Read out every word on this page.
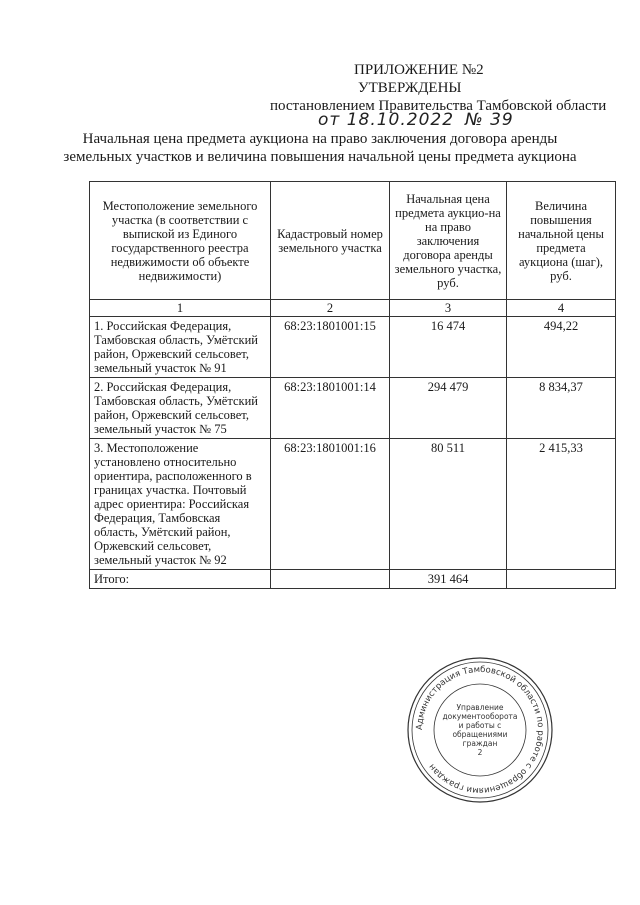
ПРИЛОЖЕНИЕ №2
УТВЕРЖДЕНЫ
постановлением Правительства Тамбовской области
от 18.10.2022 № 39
Начальная цена предмета аукциона на право заключения договора аренды
земельных участков и величина повышения начальной цены предмета аукциона
Местоположение земельного участка (в соответствии с выпиской из Единого государственного реестра недвижимости об объекте недвижимости)	Кадастровый номер земельного участка	Начальная цена предмета аукцио-на на право заключения договора аренды земельного участка, руб.	Величина повышения начальной цены предмета аукциона (шаг), руб.
1	2	3	4
1. Российская Федерация, Тамбовская область, Умётский район, Оржевский сельсовет, земельный участок № 91	68:23:1801001:15	16 474	494,22
2. Российская Федерация, Тамбовская область, Умётский район, Оржевский сельсовет, земельный участок № 75	68:23:1801001:14	294 479	8 834,37
3. Местоположение установлено относительно ориентира, расположенного в границах участка. Почтовый адрес ориентира: Российская Федерация, Тамбовская область, Умётский район, Оржевский сельсовет, земельный участок № 92	68:23:1801001:16	80 511	2 415,33
Итого:		391 464	
Администрация Тамбовской области по работе с обращениями граждан
Управление документооборота и работы с обращениями граждан
2
